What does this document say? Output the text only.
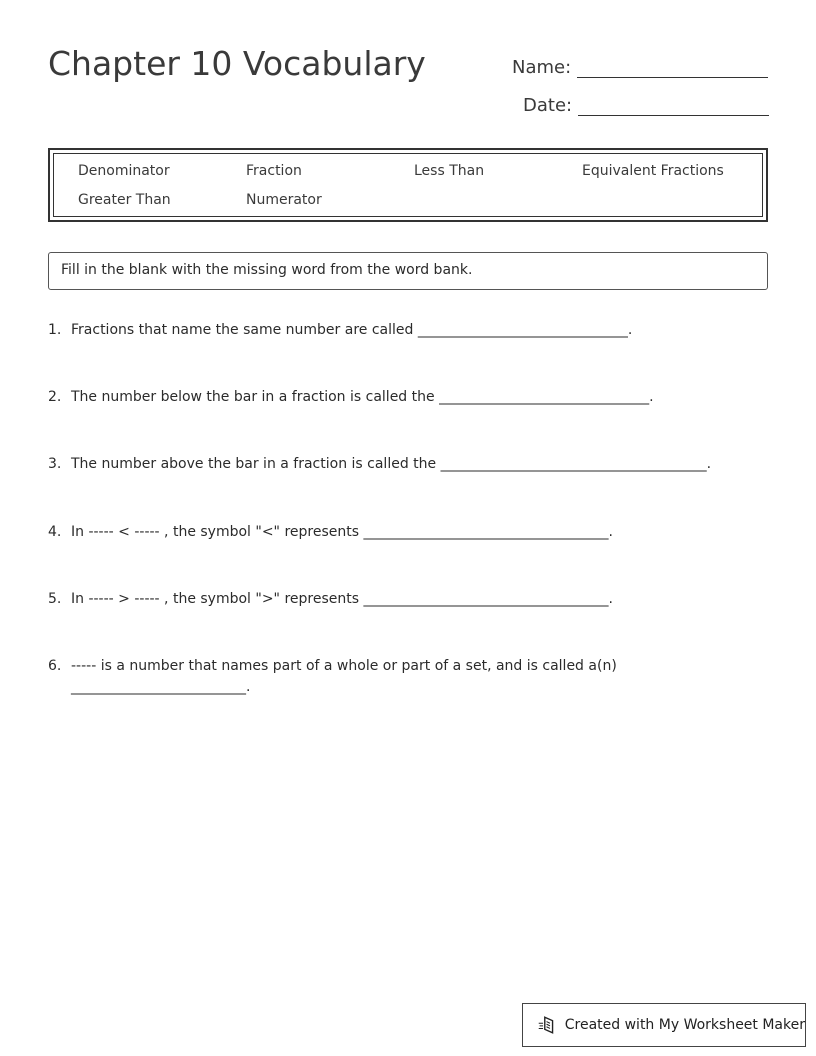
Chapter 10 Vocabulary	Name:
Date:
Denominator	Fraction	Less Than	Equivalent Fractions
Greater Than	Numerator
Fill in the blank with the missing word from the word bank.
1. Fractions that name the same number are called ______________________________.
2. The number below the bar in a fraction is called the ______________________________.
3. The number above the bar in a fraction is called the ______________________________________.
4. In ----- < ----- , the symbol "<" represents ___________________________________.
5. In ----- > ----- , the symbol ">" represents ___________________________________.
6. ----- is a number that names part of a whole or part of a set, and is called a(n)
_________________________.
Created with My Worksheet Maker
